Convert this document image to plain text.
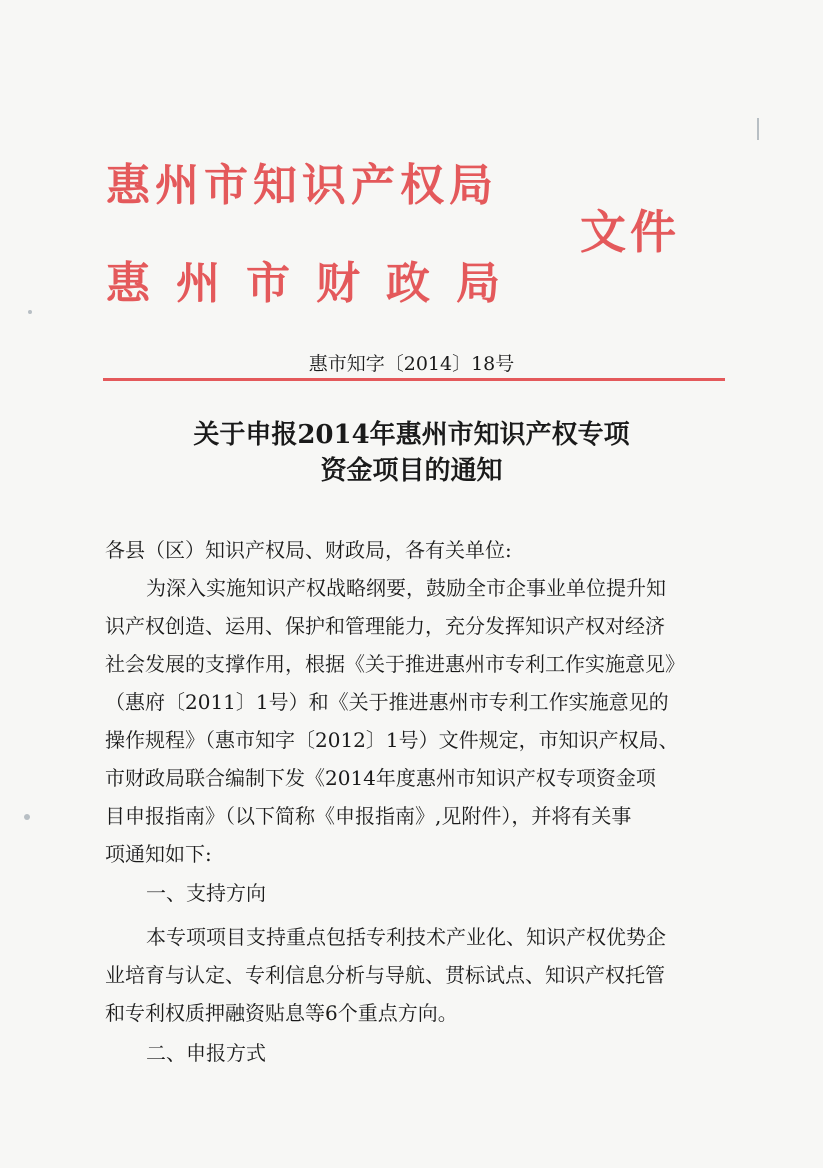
惠州市知识产权局
惠州市财政局
文件
惠市知字〔2014〕18号
关于申报2014年惠州市知识产权专项
资金项目的通知
各县（区）知识产权局、财政局，各有关单位:
为深入实施知识产权战略纲要，鼓励全市企事业单位提升知
识产权创造、运用、保护和管理能力，充分发挥知识产权对经济
社会发展的支撑作用，根据《关于推进惠州市专利工作实施意见》
（惠府〔2011〕1号）和《关于推进惠州市专利工作实施意见的
操作规程》（惠市知字〔2012〕1号）文件规定，市知识产权局、
市财政局联合编制下发《2014年度惠州市知识产权专项资金项
目申报指南》（以下简称《申报指南》,见附件），并将有关事
项通知如下:
一、支持方向
本专项项目支持重点包括专利技术产业化、知识产权优势企
业培育与认定、专利信息分析与导航、贯标试点、知识产权托管
和专利权质押融资贴息等6个重点方向。
二、申报方式
